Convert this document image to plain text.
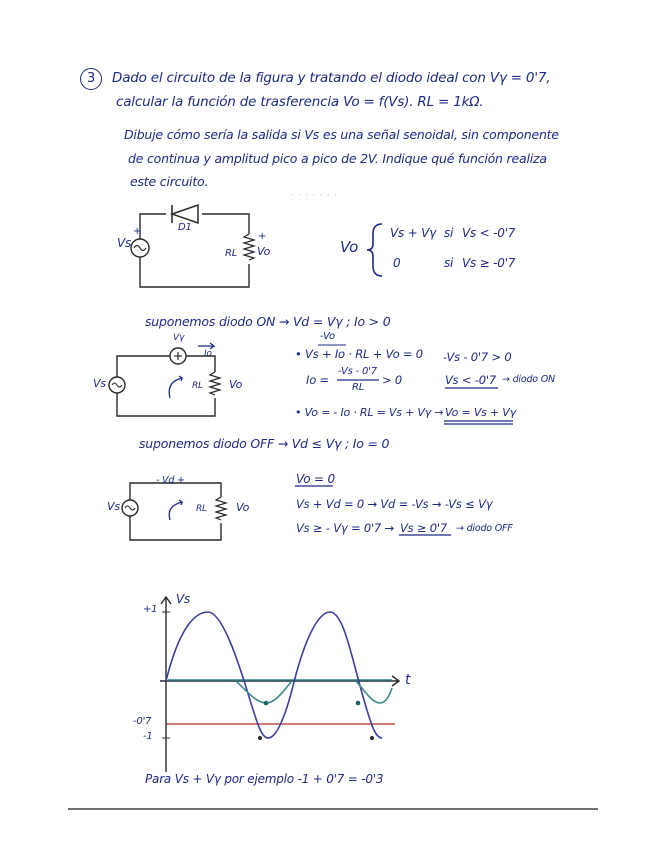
· · · · · · ·
3	Dado el circuito de la figura y tratando el diodo ideal con Vγ = 0'7,
calcular la función de trasferencia Vo = f(Vs). RL = 1kΩ.
Dibuje cómo sería la salida si Vs es una señal senoidal, sin componente
de continua y amplitud pico a pico de 2V. Indique qué función realiza
este circuito.
Vs
+	D1
RL
+
Vo
-	Vo
Vs + Vγ si Vs < -0'7
0	si Vs ≥ -0'7
suponemos diodo ON → Vd = Vγ ; Io > 0
Vγ
Io
Vs	RL Vo
-Vo
• Vs + Io · RL + Vo = 0
Io =
-Vs - 0'7
RL
> 0
-Vs - 0'7 > 0
Vs < -0'7 → diodo ON
• Vo = - Io · RL = Vs + Vγ → Vo = Vs + Vγ
suponemos diodo OFF → Vd ≤ Vγ ; Io = 0
- Vd +
Vs	RL	Vo
Vo = 0
Vs + Vd = 0 → Vd = -Vs → -Vs ≤ Vγ
Vs ≥ - Vγ = 0'7 → Vs ≥ 0'7 → diodo OFF
Vs
t
+1
-0'7
-1
Para Vs + Vγ por ejemplo -1 + 0'7 = -0'3
